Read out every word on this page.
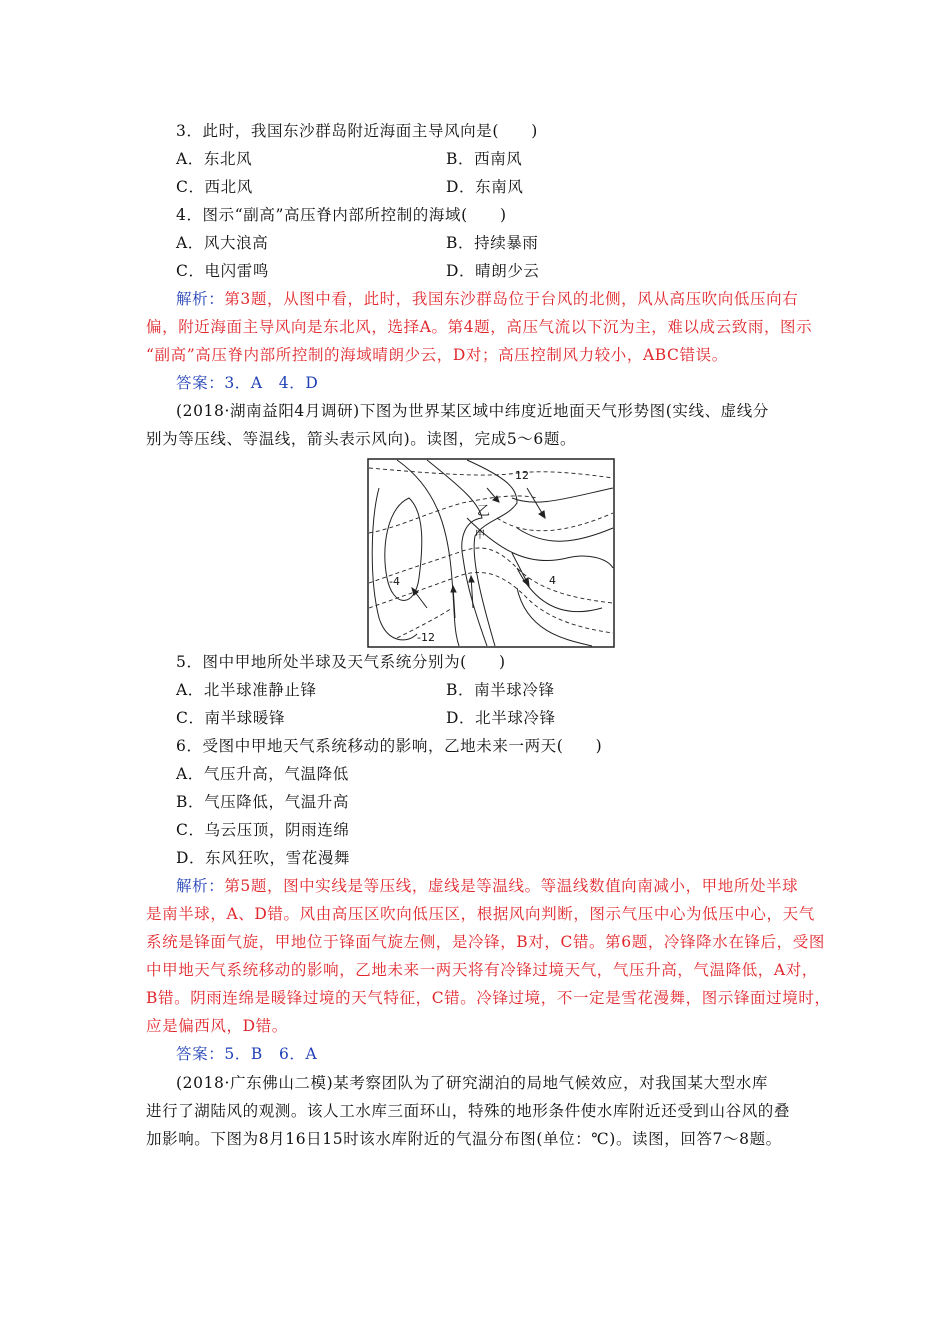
3．此时，我国东沙群岛附近海面主导风向是(　　)
A．东北风	B．西南风
C．西北风	D．东南风
4．图示“副高”高压脊内部所控制的海域(　　)
A．风大浪高	B．持续暴雨
C．电闪雷鸣	D．晴朗少云
解析：第3题，从图中看，此时，我国东沙群岛位于台风的北侧，风从高压吹向低压向右
偏，附近海面主导风向是东北风，选择A。第4题，高压气流以下沉为主，难以成云致雨，图示
“副高”高压脊内部所控制的海域晴朗少云，D对；高压控制风力较小，ABC错误。
答案：3．A　4．D
(2018·湖南益阳4月调研)下图为世界某区域中纬度近地面天气形势图(实线、虚线分
别为等压线、等温线，箭头表示风向)。读图，完成5～6题。
12
乙
甲
-4	4
-12
5．图中甲地所处半球及天气系统分别为(　　)
A．北半球准静止锋	B．南半球冷锋
C．南半球暖锋	D．北半球冷锋
6．受图中甲地天气系统移动的影响，乙地未来一两天(　　)
A．气压升高，气温降低
B．气压降低，气温升高
C．乌云压顶，阴雨连绵
D．东风狂吹，雪花漫舞
解析：第5题，图中实线是等压线，虚线是等温线。等温线数值向南减小，甲地所处半球
是南半球，A、D错。风由高压区吹向低压区，根据风向判断，图示气压中心为低压中心，天气
系统是锋面气旋，甲地位于锋面气旋左侧，是冷锋，B对，C错。第6题，冷锋降水在锋后，受图
中甲地天气系统移动的影响，乙地未来一两天将有冷锋过境天气，气压升高，气温降低，A对，
B错。阴雨连绵是暖锋过境的天气特征，C错。冷锋过境，不一定是雪花漫舞，图示锋面过境时，
应是偏西风，D错。
答案：5．B　6．A
(2018·广东佛山二模)某考察团队为了研究湖泊的局地气候效应，对我国某大型水库
进行了湖陆风的观测。该人工水库三面环山，特殊的地形条件使水库附近还受到山谷风的叠
加影响。下图为8月16日15时该水库附近的气温分布图(单位：℃)。读图，回答7～8题。
